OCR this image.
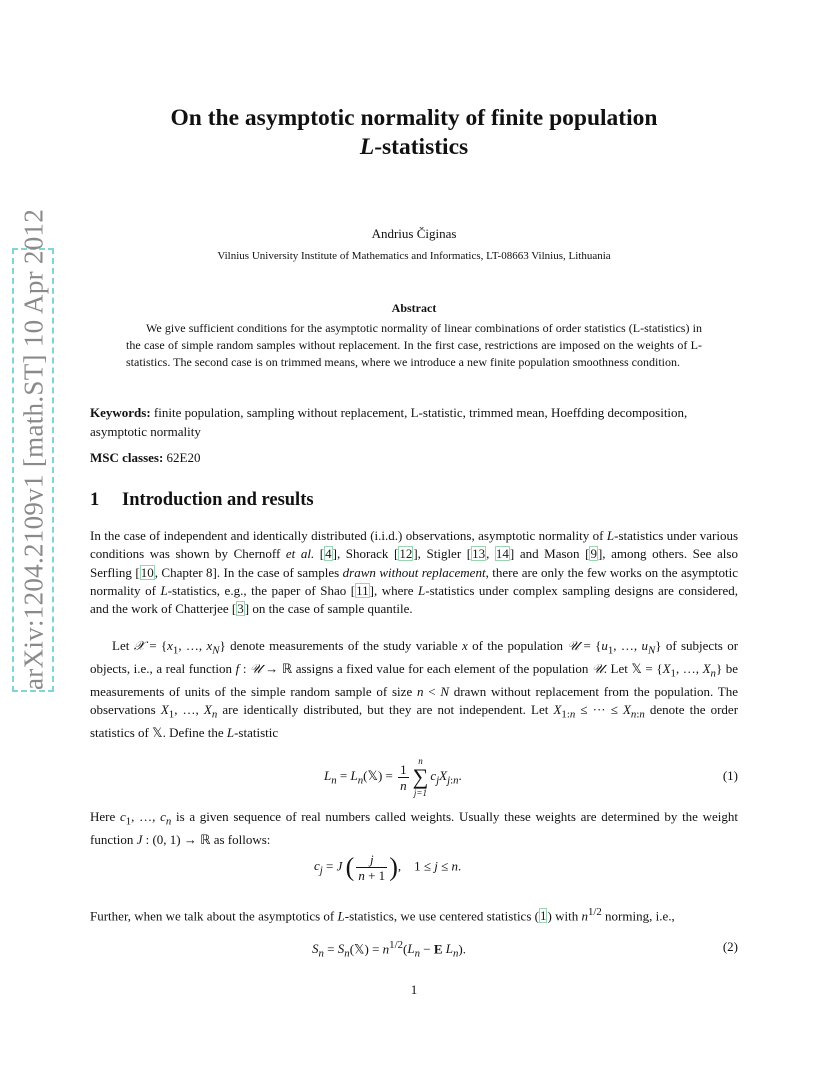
arXiv:1204.2109v1 [math.ST] 10 Apr 2012
On the asymptotic normality of finite population
L-statistics

Andrius Čiginas

Vilnius University Institute of Mathematics and Informatics, LT-08663 Vilnius, Lithuania

Abstract

We give sufficient conditions for the asymptotic normality of linear combinations of order statistics (L-statistics) in the case of simple random samples without replacement. In the first case, restrictions are imposed on the weights of L-statistics. The second case is on trimmed means, where we introduce a new finite population smoothness condition.

Keywords: finite population, sampling without replacement, L-statistic, trimmed mean, Hoeffding decomposition, asymptotic normality

MSC classes: 62E20

1 Introduction and results

In the case of independent and identically distributed (i.i.d.) observations, asymptotic normality of L-statistics under various conditions was shown by Chernoff et al. [4], Shorack [12], Stigler [13, 14] and Mason [9], among others. See also Serfling [10, Chapter 8]. In the case of samples drawn without replacement, there are only the few works on the asymptotic normality of L-statistics, e.g., the paper of Shao [11], where L-statistics under complex sampling designs are considered, and the work of Chatterjee [3] on the case of sample quantile.

Let 𝒳 = {$x_1$, …, $x_N$} denote measurements of the study variable x of the population 𝒰 = {$u_1$, …, $u_N$} of subjects or objects, i.e., a real function f : 𝒰 → ℝ assigns a fixed value for each element of the population 𝒰. Let 𝕏 = {$X_1$, …, $X_n$} be measurements of units of the simple random sample of size n < N drawn without replacement from the population. The observations $X_1$, …, $X_n$ are identically distributed, but they are not independent. Let $X_{1:n}$ ≤ ··· ≤ $X_{n:n}$ denote the order statistics of 𝕏. Define the L-statistic

$L_n$ = $L_n(𝕏) = \frac{1}{n}$
n
∑
j=1
$c_jX_{j:n}$.	(1)

Here $c_1$, …, $c_n$ is a given sequence of real numbers called weights. Usually these weights are determined by the weight function J : (0, 1) → ℝ as follows:

$c_j = J$ ( $\frac{j}{n + 1}$ ),    1 ≤ j ≤ n.

Further, when we talk about the asymptotics of L-statistics, we use centered statistics (1) with $n^{1/2}$ norming, i.e.,

$S_n$ = $S_n(𝕏) = n^{1/2}(L_n - E$ $L_n$).	(2)

1
